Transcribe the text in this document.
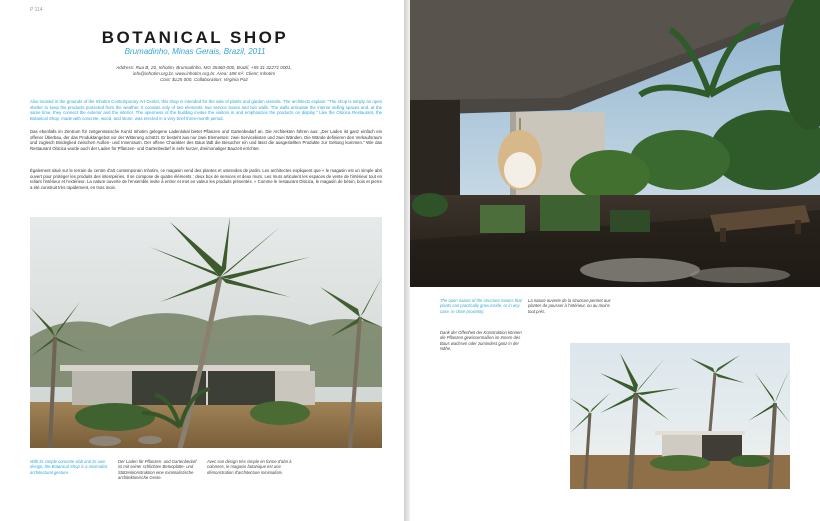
P 114
BOTANICAL SHOP
Brumadinho, Minas Gerais, Brazil, 2011
Address: Rua B, 20, Inhotim, Brumadinho, MG 35460-000, Brazil, +55 31 32271 0001,
info@inhotim.org.br, www.inhotim.org.br. Area: 188 m². Client: Inhotim
Cost: $125 000. Collaboration: Virginia Paz
Also located in the grounds of the Inhotim Contemporary Art Center, this shop is intended for the sale of plants and garden utensils. The architects explain: "The shop is simply an open shelter to keep the products protected from the weather. It consists only of two elements: two service boxes and two walls. The walls articulate the interior selling spaces and, at the same time, they connect the exterior and the interior. The openness of the building invites the visitors in and emphasizes the products on display." Like the Oiticica Restaurant, the Botanical Shop, made with concrete, wood, and stone, was erected in a very brief three-month period.
Das ebenfalls im Zentrum für zeitgenössische Kunst Inhotim gelegene Ladenlokal bietet Pflanzen und Gartenbedarf an. Die Architekten führen aus: „Der Laden ist ganz einfach ein offener Überbau, der das Produktangebot vor der Witterung schützt. Er besteht aus nur zwei Elementen: zwei Servicekisten und zwei Wänden. Die Wände definieren den Verkaufsraum und zugleich Bindeglied zwischen Außen- und Innenraum. Der offene Charakter des Baus lädt die Besucher ein und lässt die ausgestellten Produkte zur Geltung kommen." Wie das Restaurant Oiticica wurde auch der Laden für Pflanzen- und Gartenbedarf in sehr kurzer, dreimonatiger Bauzeit errichtet.
Également situé sur le terrain du centre d'art contemporain Inhotim, ce magasin vend des plantes et ustensiles de jardin. Les architectes expliquent que « le magasin est un simple abri ouvert pour protéger les produits des intempéries. Il se compose de quatre éléments : deux box de services et deux murs. Les murs articulent les espaces de vente de l'intérieur tout en reliant l'intérieur et l'extérieur. La nature ouverte de l'ensemble invite à entrer et met en valeur les produits présentés. » Comme le restaurant Oiticica, le magasin de béton, bois et pierre a été construit très rapidement, en trois mois.
With its simple concrete slab and its own design, the Botanical Shop is a minimalist architectural gesture.
Der Laden für Pflanzen- und Gartenbedarf ist mit seiner schlichten Betonplatte- und Stützenkonstruktion eine minimalistische architektonische Geste.
Avec son design très simple en forme d'abri à colonnes, le magasin botanique est une démonstration d'architecture minimaliste.
The open nature of the structure means that plants can practically grow inside, or in any case, in close proximity.
Dank der Offenheit der Konstruktion können die Pflanzen gewissermaßen im Innern des Baus wachsen oder zumindest ganz in der Nähe.
La nature ouverte de la structure permet aux plantes de pousser à l'intérieur, ou au moins tout près.
